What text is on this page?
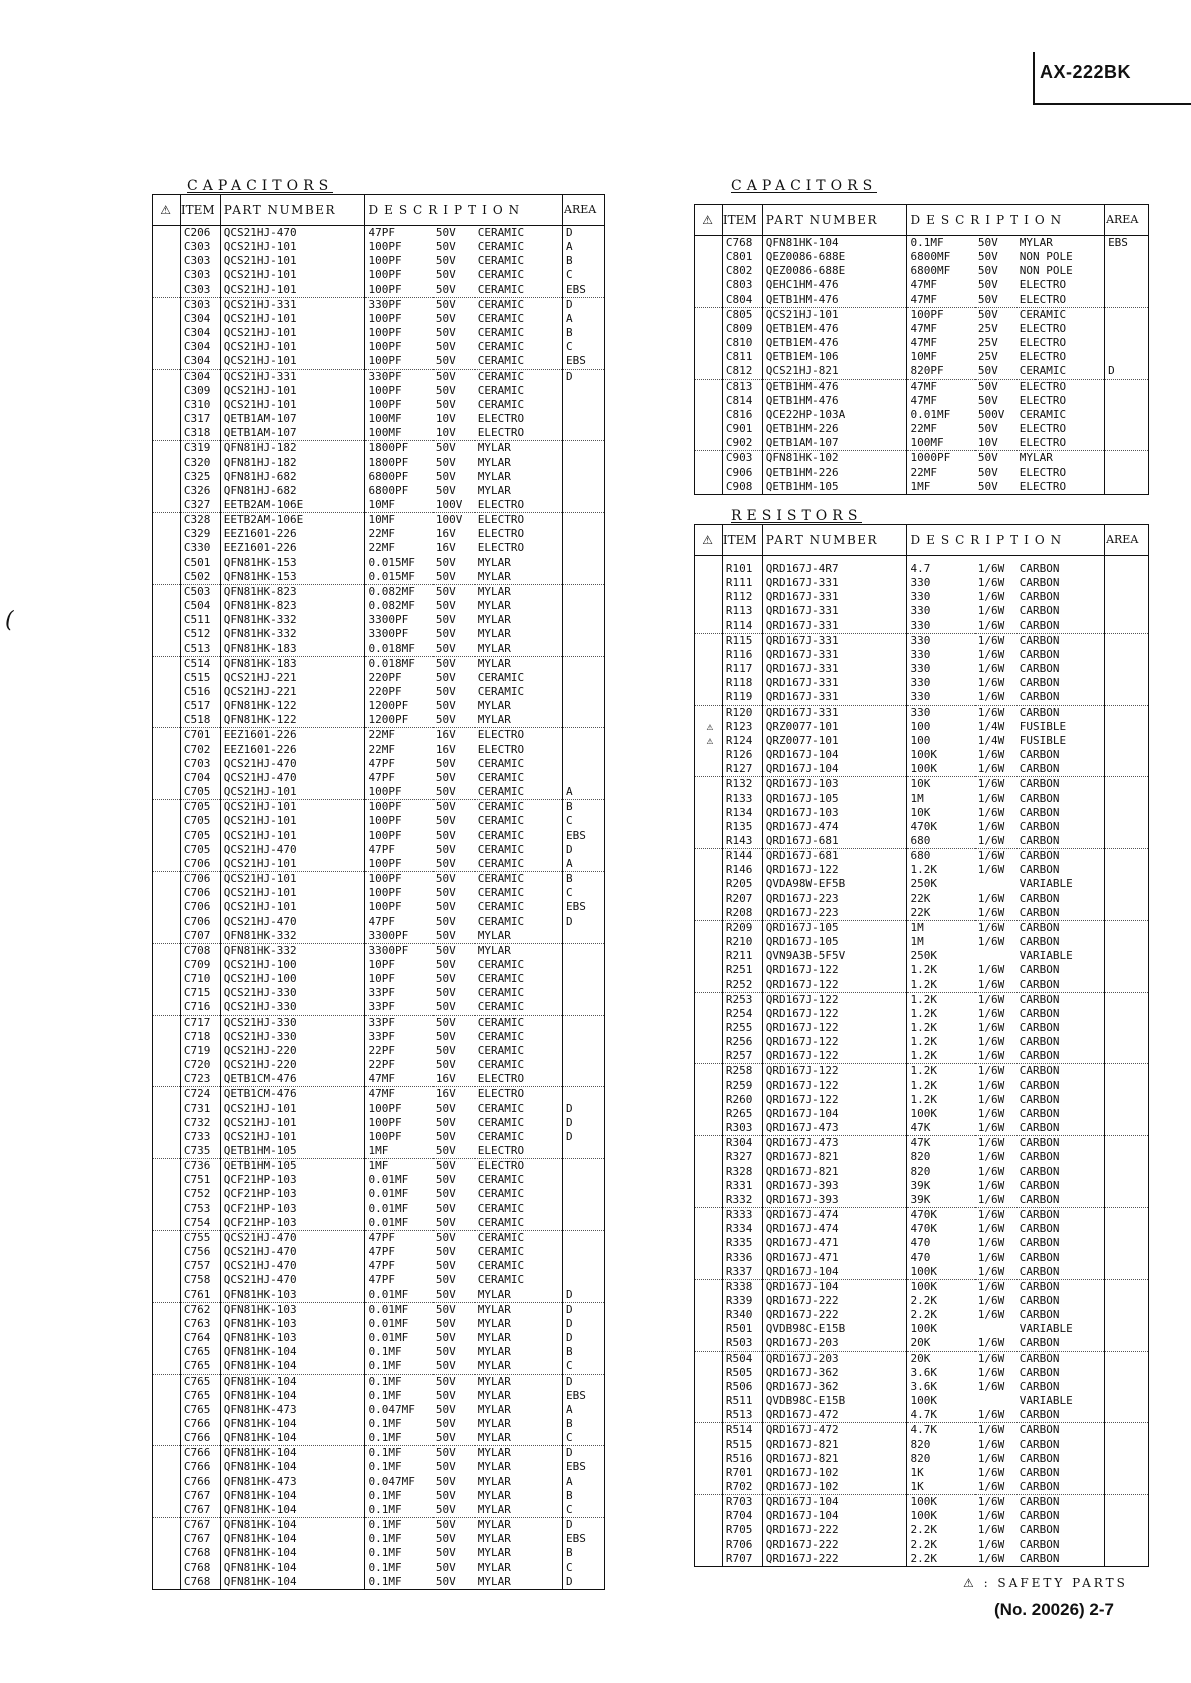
AX-222BK
(
CAPACITORS
⚠	ITEM	PART NUMBER	DESCRIPTION			AREA
	C206	QCS21HJ-470	47PF	50V	CERAMIC	D
	C303	QCS21HJ-101	100PF	50V	CERAMIC	A
	C303	QCS21HJ-101	100PF	50V	CERAMIC	B
	C303	QCS21HJ-101	100PF	50V	CERAMIC	C
	C303	QCS21HJ-101	100PF	50V	CERAMIC	EBS
	C303	QCS21HJ-331	330PF	50V	CERAMIC	D
	C304	QCS21HJ-101	100PF	50V	CERAMIC	A
	C304	QCS21HJ-101	100PF	50V	CERAMIC	B
	C304	QCS21HJ-101	100PF	50V	CERAMIC	C
	C304	QCS21HJ-101	100PF	50V	CERAMIC	EBS
	C304	QCS21HJ-331	330PF	50V	CERAMIC	D
	C309	QCS21HJ-101	100PF	50V	CERAMIC	
	C310	QCS21HJ-101	100PF	50V	CERAMIC	
	C317	QETB1AM-107	100MF	10V	ELECTRO	
	C318	QETB1AM-107	100MF	10V	ELECTRO	
	C319	QFN81HJ-182	1800PF	50V	MYLAR	
	C320	QFN81HJ-182	1800PF	50V	MYLAR	
	C325	QFN81HJ-682	6800PF	50V	MYLAR	
	C326	QFN81HJ-682	6800PF	50V	MYLAR	
	C327	EETB2AM-106E	10MF	100V	ELECTRO	
	C328	EETB2AM-106E	10MF	100V	ELECTRO	
	C329	EEZ1601-226	22MF	16V	ELECTRO	
	C330	EEZ1601-226	22MF	16V	ELECTRO	
	C501	QFN81HK-153	0.015MF	50V	MYLAR	
	C502	QFN81HK-153	0.015MF	50V	MYLAR	
	C503	QFN81HK-823	0.082MF	50V	MYLAR	
	C504	QFN81HK-823	0.082MF	50V	MYLAR	
	C511	QFN81HK-332	3300PF	50V	MYLAR	
	C512	QFN81HK-332	3300PF	50V	MYLAR	
	C513	QFN81HK-183	0.018MF	50V	MYLAR	
	C514	QFN81HK-183	0.018MF	50V	MYLAR	
	C515	QCS21HJ-221	220PF	50V	CERAMIC	
	C516	QCS21HJ-221	220PF	50V	CERAMIC	
	C517	QFN81HK-122	1200PF	50V	MYLAR	
	C518	QFN81HK-122	1200PF	50V	MYLAR	
	C701	EEZ1601-226	22MF	16V	ELECTRO	
	C702	EEZ1601-226	22MF	16V	ELECTRO	
	C703	QCS21HJ-470	47PF	50V	CERAMIC	
	C704	QCS21HJ-470	47PF	50V	CERAMIC	
	C705	QCS21HJ-101	100PF	50V	CERAMIC	A
	C705	QCS21HJ-101	100PF	50V	CERAMIC	B
	C705	QCS21HJ-101	100PF	50V	CERAMIC	C
	C705	QCS21HJ-101	100PF	50V	CERAMIC	EBS
	C705	QCS21HJ-470	47PF	50V	CERAMIC	D
	C706	QCS21HJ-101	100PF	50V	CERAMIC	A
	C706	QCS21HJ-101	100PF	50V	CERAMIC	B
	C706	QCS21HJ-101	100PF	50V	CERAMIC	C
	C706	QCS21HJ-101	100PF	50V	CERAMIC	EBS
	C706	QCS21HJ-470	47PF	50V	CERAMIC	D
	C707	QFN81HK-332	3300PF	50V	MYLAR	
	C708	QFN81HK-332	3300PF	50V	MYLAR	
	C709	QCS21HJ-100	10PF	50V	CERAMIC	
	C710	QCS21HJ-100	10PF	50V	CERAMIC	
	C715	QCS21HJ-330	33PF	50V	CERAMIC	
	C716	QCS21HJ-330	33PF	50V	CERAMIC	
	C717	QCS21HJ-330	33PF	50V	CERAMIC	
	C718	QCS21HJ-330	33PF	50V	CERAMIC	
	C719	QCS21HJ-220	22PF	50V	CERAMIC	
	C720	QCS21HJ-220	22PF	50V	CERAMIC	
	C723	QETB1CM-476	47MF	16V	ELECTRO	
	C724	QETB1CM-476	47MF	16V	ELECTRO	
	C731	QCS21HJ-101	100PF	50V	CERAMIC	D
	C732	QCS21HJ-101	100PF	50V	CERAMIC	D
	C733	QCS21HJ-101	100PF	50V	CERAMIC	D
	C735	QETB1HM-105	1MF	50V	ELECTRO	
	C736	QETB1HM-105	1MF	50V	ELECTRO	
	C751	QCF21HP-103	0.01MF	50V	CERAMIC	
	C752	QCF21HP-103	0.01MF	50V	CERAMIC	
	C753	QCF21HP-103	0.01MF	50V	CERAMIC	
	C754	QCF21HP-103	0.01MF	50V	CERAMIC	
	C755	QCS21HJ-470	47PF	50V	CERAMIC	
	C756	QCS21HJ-470	47PF	50V	CERAMIC	
	C757	QCS21HJ-470	47PF	50V	CERAMIC	
	C758	QCS21HJ-470	47PF	50V	CERAMIC	
	C761	QFN81HK-103	0.01MF	50V	MYLAR	D
	C762	QFN81HK-103	0.01MF	50V	MYLAR	D
	C763	QFN81HK-103	0.01MF	50V	MYLAR	D
	C764	QFN81HK-103	0.01MF	50V	MYLAR	D
	C765	QFN81HK-104	0.1MF	50V	MYLAR	B
	C765	QFN81HK-104	0.1MF	50V	MYLAR	C
	C765	QFN81HK-104	0.1MF	50V	MYLAR	D
	C765	QFN81HK-104	0.1MF	50V	MYLAR	EBS
	C765	QFN81HK-473	0.047MF	50V	MYLAR	A
	C766	QFN81HK-104	0.1MF	50V	MYLAR	B
	C766	QFN81HK-104	0.1MF	50V	MYLAR	C
	C766	QFN81HK-104	0.1MF	50V	MYLAR	D
	C766	QFN81HK-104	0.1MF	50V	MYLAR	EBS
	C766	QFN81HK-473	0.047MF	50V	MYLAR	A
	C767	QFN81HK-104	0.1MF	50V	MYLAR	B
	C767	QFN81HK-104	0.1MF	50V	MYLAR	C
	C767	QFN81HK-104	0.1MF	50V	MYLAR	D
	C767	QFN81HK-104	0.1MF	50V	MYLAR	EBS
	C768	QFN81HK-104	0.1MF	50V	MYLAR	B
	C768	QFN81HK-104	0.1MF	50V	MYLAR	C
	C768	QFN81HK-104	0.1MF	50V	MYLAR	D
CAPACITORS
⚠	ITEM	PART NUMBER	DESCRIPTION			AREA
	C768	QFN81HK-104	0.1MF	50V	MYLAR	EBS
	C801	QEZ0086-688E	6800MF	50V	NON POLE	
	C802	QEZ0086-688E	6800MF	50V	NON POLE	
	C803	QEHC1HM-476	47MF	50V	ELECTRO	
	C804	QETB1HM-476	47MF	50V	ELECTRO	
	C805	QCS21HJ-101	100PF	50V	CERAMIC	
	C809	QETB1EM-476	47MF	25V	ELECTRO	
	C810	QETB1EM-476	47MF	25V	ELECTRO	
	C811	QETB1EM-106	10MF	25V	ELECTRO	
	C812	QCS21HJ-821	820PF	50V	CERAMIC	D
	C813	QETB1HM-476	47MF	50V	ELECTRO	
	C814	QETB1HM-476	47MF	50V	ELECTRO	
	C816	QCE22HP-103A	0.01MF	500V	CERAMIC	
	C901	QETB1HM-226	22MF	50V	ELECTRO	
	C902	QETB1AM-107	100MF	10V	ELECTRO	
	C903	QFN81HK-102	1000PF	50V	MYLAR	
	C906	QETB1HM-226	22MF	50V	ELECTRO	
	C908	QETB1HM-105	1MF	50V	ELECTRO	
RESISTORS
⚠	ITEM	PART NUMBER	DESCRIPTION			AREA
	R101	QRD167J-4R7	4.7	1/6W	CARBON	
	R111	QRD167J-331	330	1/6W	CARBON	
	R112	QRD167J-331	330	1/6W	CARBON	
	R113	QRD167J-331	330	1/6W	CARBON	
	R114	QRD167J-331	330	1/6W	CARBON	
	R115	QRD167J-331	330	1/6W	CARBON	
	R116	QRD167J-331	330	1/6W	CARBON	
	R117	QRD167J-331	330	1/6W	CARBON	
	R118	QRD167J-331	330	1/6W	CARBON	
	R119	QRD167J-331	330	1/6W	CARBON	
	R120	QRD167J-331	330	1/6W	CARBON	
⚠	R123	QRZ0077-101	100	1/4W	FUSIBLE	
⚠	R124	QRZ0077-101	100	1/4W	FUSIBLE	
	R126	QRD167J-104	100K	1/6W	CARBON	
	R127	QRD167J-104	100K	1/6W	CARBON	
	R132	QRD167J-103	10K	1/6W	CARBON	
	R133	QRD167J-105	1M	1/6W	CARBON	
	R134	QRD167J-103	10K	1/6W	CARBON	
	R135	QRD167J-474	470K	1/6W	CARBON	
	R143	QRD167J-681	680	1/6W	CARBON	
	R144	QRD167J-681	680	1/6W	CARBON	
	R146	QRD167J-122	1.2K	1/6W	CARBON	
	R205	QVDA98W-EF5B	250K		VARIABLE	
	R207	QRD167J-223	22K	1/6W	CARBON	
	R208	QRD167J-223	22K	1/6W	CARBON	
	R209	QRD167J-105	1M	1/6W	CARBON	
	R210	QRD167J-105	1M	1/6W	CARBON	
	R211	QVN9A3B-5F5V	250K		VARIABLE	
	R251	QRD167J-122	1.2K	1/6W	CARBON	
	R252	QRD167J-122	1.2K	1/6W	CARBON	
	R253	QRD167J-122	1.2K	1/6W	CARBON	
	R254	QRD167J-122	1.2K	1/6W	CARBON	
	R255	QRD167J-122	1.2K	1/6W	CARBON	
	R256	QRD167J-122	1.2K	1/6W	CARBON	
	R257	QRD167J-122	1.2K	1/6W	CARBON	
	R258	QRD167J-122	1.2K	1/6W	CARBON	
	R259	QRD167J-122	1.2K	1/6W	CARBON	
	R260	QRD167J-122	1.2K	1/6W	CARBON	
	R265	QRD167J-104	100K	1/6W	CARBON	
	R303	QRD167J-473	47K	1/6W	CARBON	
	R304	QRD167J-473	47K	1/6W	CARBON	
	R327	QRD167J-821	820	1/6W	CARBON	
	R328	QRD167J-821	820	1/6W	CARBON	
	R331	QRD167J-393	39K	1/6W	CARBON	
	R332	QRD167J-393	39K	1/6W	CARBON	
	R333	QRD167J-474	470K	1/6W	CARBON	
	R334	QRD167J-474	470K	1/6W	CARBON	
	R335	QRD167J-471	470	1/6W	CARBON	
	R336	QRD167J-471	470	1/6W	CARBON	
	R337	QRD167J-104	100K	1/6W	CARBON	
	R338	QRD167J-104	100K	1/6W	CARBON	
	R339	QRD167J-222	2.2K	1/6W	CARBON	
	R340	QRD167J-222	2.2K	1/6W	CARBON	
	R501	QVDB98C-E15B	100K		VARIABLE	
	R503	QRD167J-203	20K	1/6W	CARBON	
	R504	QRD167J-203	20K	1/6W	CARBON	
	R505	QRD167J-362	3.6K	1/6W	CARBON	
	R506	QRD167J-362	3.6K	1/6W	CARBON	
	R511	QVDB98C-E15B	100K		VARIABLE	
	R513	QRD167J-472	4.7K	1/6W	CARBON	
	R514	QRD167J-472	4.7K	1/6W	CARBON	
	R515	QRD167J-821	820	1/6W	CARBON	
	R516	QRD167J-821	820	1/6W	CARBON	
	R701	QRD167J-102	1K	1/6W	CARBON	
	R702	QRD167J-102	1K	1/6W	CARBON	
	R703	QRD167J-104	100K	1/6W	CARBON	
	R704	QRD167J-104	100K	1/6W	CARBON	
	R705	QRD167J-222	2.2K	1/6W	CARBON	
	R706	QRD167J-222	2.2K	1/6W	CARBON	
	R707	QRD167J-222	2.2K	1/6W	CARBON	
⚠ : SAFETY PARTS
(No. 20026) 2-7
